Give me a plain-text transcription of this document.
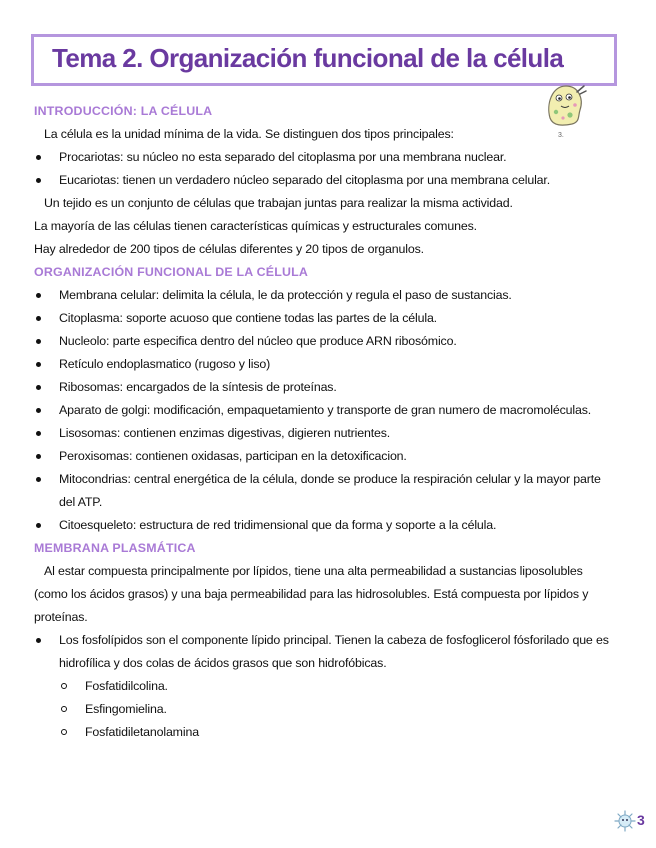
Tema 2. Organización funcional de la célula
3.
INTRODUCCIÓN: LA CÉLULA

La célula es la unidad mínima de la vida. Se distinguen dos tipos principales:

Procariotas: su núcleo no esta separado del citoplasma por una membrana nuclear.
Eucariotas: tienen un verdadero núcleo separado del citoplasma por una membrana celular.

Un tejido es un conjunto de células que trabajan juntas para realizar la misma actividad.

La mayoría de las células tienen características químicas y estructurales comunes.

Hay alrededor de 200 tipos de células diferentes y 20 tipos de organulos.

ORGANIZACIÓN FUNCIONAL DE LA CÉLULA
Membrana celular: delimita la célula, le da protección y regula el paso de sustancias.
Citoplasma: soporte acuoso que contiene todas las partes de la célula.
Nucleolo: parte especifica dentro del núcleo que produce ARN ribosómico.
Retículo endoplasmatico (rugoso y liso)
Ribosomas: encargados de la síntesis de proteínas.
Aparato de golgi: modificación, empaquetamiento y transporte de gran numero de macromoléculas.
Lisosomas: contienen enzimas digestivas, digieren nutrientes.
Peroxisomas: contienen oxidasas, participan en la detoxificacion.
Mitocondrias: central energética de la célula, donde se produce la respiración celular y la mayor parte del ATP.
Citoesqueleto: estructura de red tridimensional que da forma y soporte a la célula.
MEMBRANA PLASMÁTICA

Al estar compuesta principalmente por lípidos, tiene una alta permeabilidad a sustancias liposolubles (como los ácidos grasos) y una baja permeabilidad para las hidrosolubles. Está compuesta por lípidos y proteínas.

Los fosfolípidos son el componente lípido principal. Tienen la cabeza de fosfoglicerol fósforilado que es hidrofílica y dos colas de ácidos grasos que son hidrofóbicas.
Fosfatidilcolina.
Esfingomielina.
Fosfatidiletanolamina
3
